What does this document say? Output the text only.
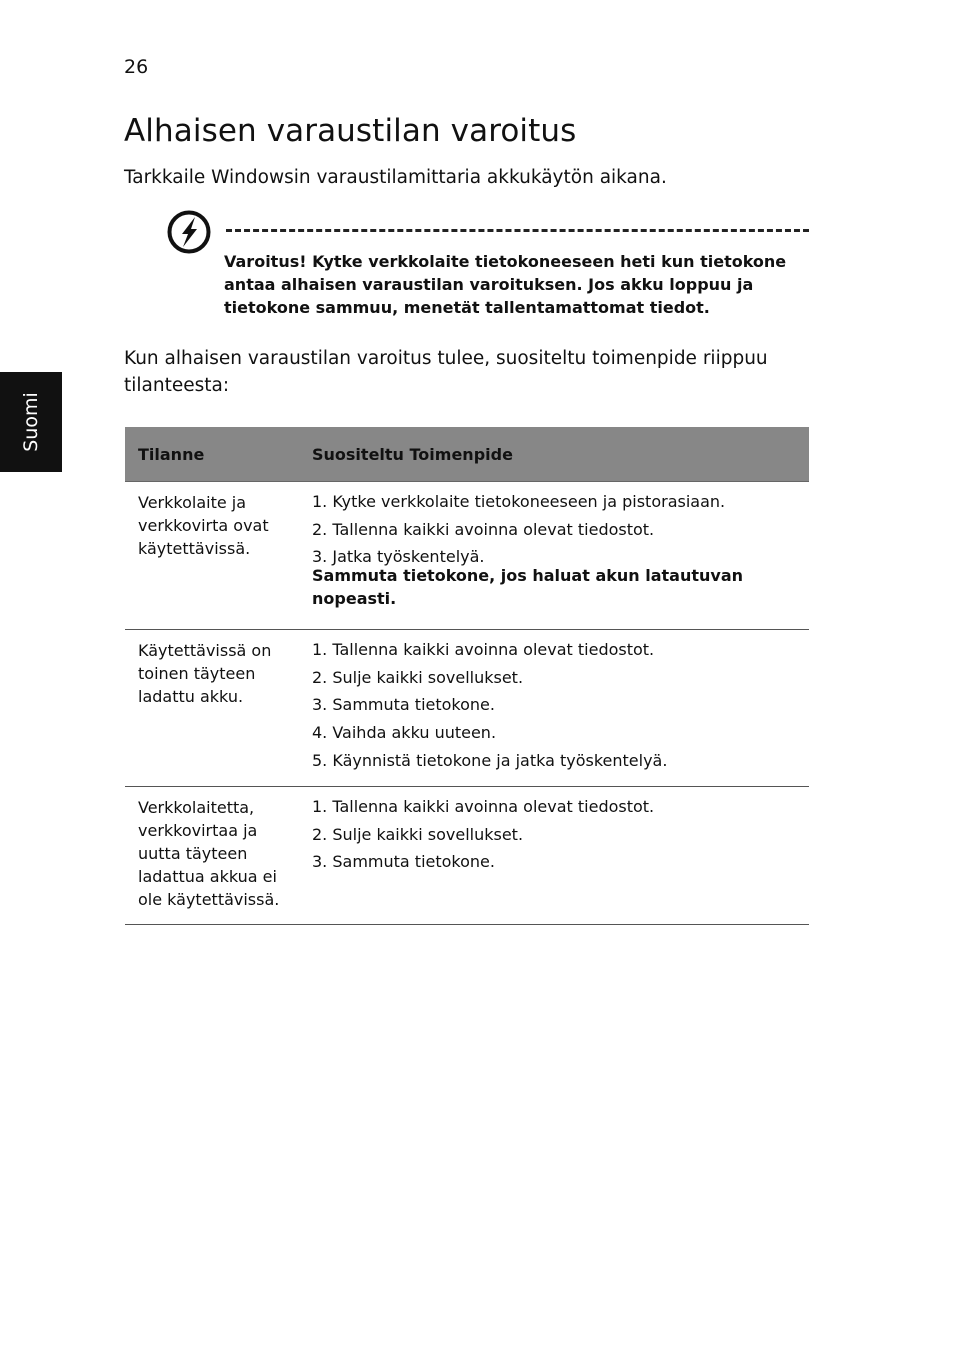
26
Alhaisen varaustilan varoitus

Tarkkaile Windowsin varaustilamittaria akkukäytön aikana.

Suomi

Varoitus! Kytke verkkolaite tietokoneeseen heti kun tietokone antaa alhaisen varaustilan varoituksen. Jos akku loppuu ja tietokone sammuu, menetät tallentamattomat tiedot.

Kun alhaisen varaustilan varoitus tulee, suositeltu toimenpide riippuu tilanteesta:

Tilanne	Suositeltu Toimenpide
Verkkolaite ja verkkovirta ovat käytettävissä.
1. Kytke verkkolaite tietokoneeseen ja pistorasiaan.
2. Tallenna kaikki avoinna olevat tiedostot.
3. Jatka työskentelyä.
Sammuta tietokone, jos haluat akun latautuvan nopeasti.
Käytettävissä on toinen täyteen ladattu akku.
1. Tallenna kaikki avoinna olevat tiedostot.
2. Sulje kaikki sovellukset.
3. Sammuta tietokone.
4. Vaihda akku uuteen.
5. Käynnistä tietokone ja jatka työskentelyä.
Verkkolaitetta, verkkovirtaa ja uutta täyteen ladattua akkua ei ole käytettävissä.
1. Tallenna kaikki avoinna olevat tiedostot.
2. Sulje kaikki sovellukset.
3. Sammuta tietokone.
